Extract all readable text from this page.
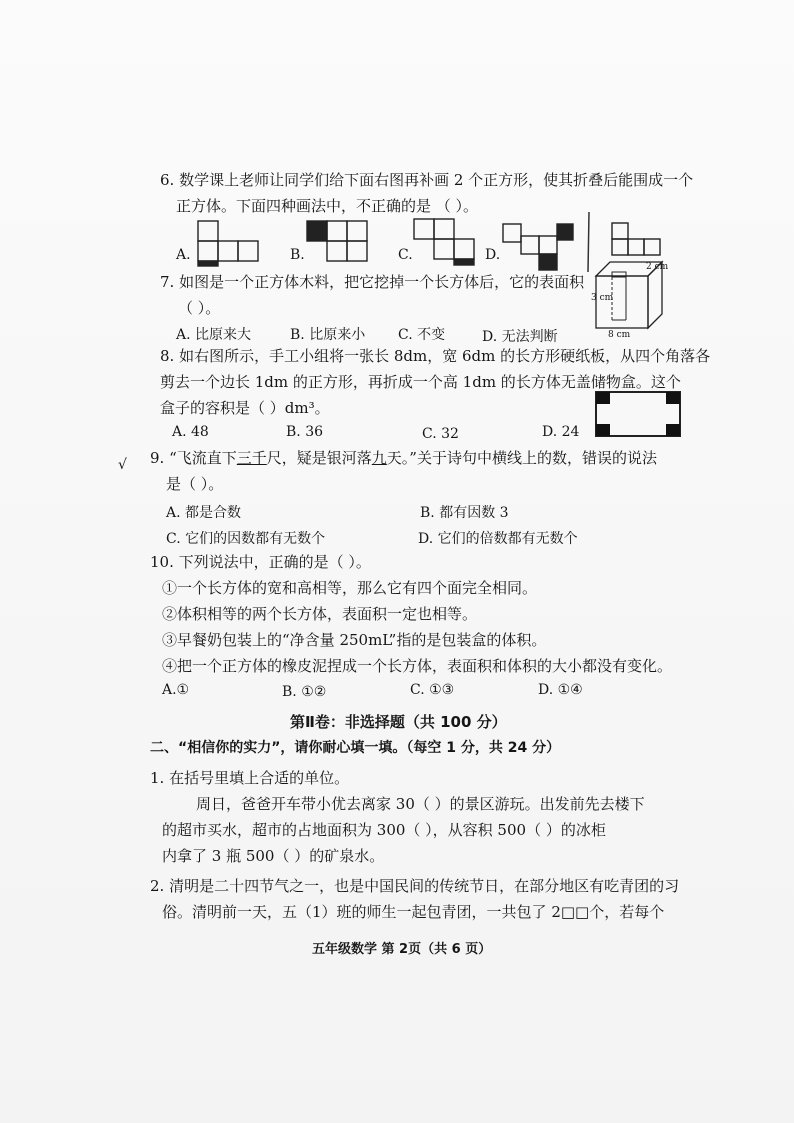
6. 数学课上老师让同学们给下面右图再补画 2 个正方形，使其折叠后能围成一个
正方体。下面四种画法中，不正确的是 （ ）。
A.	B.	C.	D.
7. 如图是一个正方体木料，把它挖掉一个长方体后，它的表面积
（ ）。
A. 比原来大	B. 比原来小 C. 不变	D. 无法判断
2 cm
3 cm
8 cm
8. 如右图所示，手工小组将一张长 8dm，宽 6dm 的长方形硬纸板，从四个角落各
剪去一个边长 1dm 的正方形，再折成一个高 1dm 的长方体无盖储物盒。这个
盒子的容积是（ ）dm³。
A. 48	B. 36	C. 32	D. 24
√ 9. “飞流直下三千尺，疑是银河落九天。”关于诗句中横线上的数，错误的说法
是（ ）。
A. 都是合数	B. 都有因数 3
C. 它们的因数都有无数个	D. 它们的倍数都有无数个
10. 下列说法中，正确的是（ ）。
①一个长方体的宽和高相等，那么它有四个面完全相同。
②体积相等的两个长方体，表面积一定也相等。
③早餐奶包装上的“净含量 250mL”指的是包装盒的体积。
④把一个正方体的橡皮泥捏成一个长方体，表面积和体积的大小都没有变化。
A.①	B. ①②	C. ①③	D. ①④
第Ⅱ卷：非选择题（共 100 分）
二、“相信你的实力”，请你耐心填一填。（每空 1 分，共 24 分）
1. 在括号里填上合适的单位。
周日，爸爸开车带小优去离家 30（ ）的景区游玩。出发前先去楼下
的超市买水，超市的占地面积为 300（ ），从容积 500（ ）的冰柜
内拿了 3 瓶 500（ ）的矿泉水。
2. 清明是二十四节气之一，也是中国民间的传统节日，在部分地区有吃青团的习
俗。清明前一天，五（1）班的师生一起包青团，一共包了 2□□个，若每个
五年级数学 第 2页（共 6 页）
